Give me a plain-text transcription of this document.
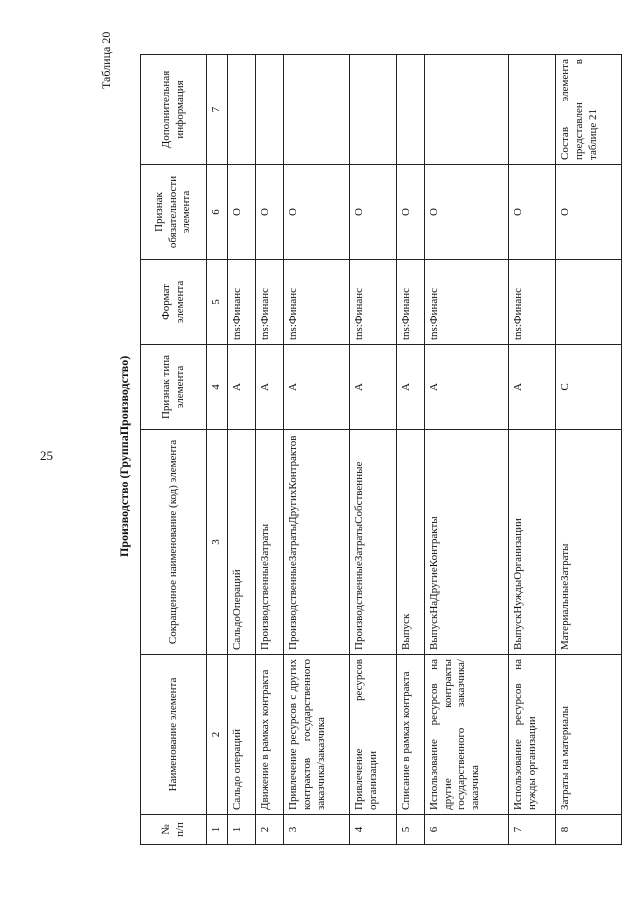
25
Таблица 20
Производство (ГруппаПроизводство)
№ п/п	Наименование элемента	Сокращенное наименование (код) элемента	Признак типа элемента	Формат элемента	Признак обязательности элемента	Дополнительная информация
1	2	3	4	5	6	7
1	Сальдо операций	СальдоОпераций	А	tns:Финанс	О	
2	Движение в рамках контракта	ПроизводственныеЗатраты	А	tns:Финанс	О	
3	Привлечение ресурсов с других контрактов государственного заказчика/заказчика	ПроизводственныеЗатратыДругихКонтрактов	А	tns:Финанс	О	
4	Привлечение ресурсов организации	ПроизводственныеЗатратыСобственные	А	tns:Финанс	О	
5	Списание в рамках контракта	Выпуск	А	tns:Финанс	О	
6	Использование ресурсов на другие контракты государственного заказчика/заказчика	ВыпускНаДругиеКонтракты	А	tns:Финанс	О	
7	Использование ресурсов на нужды организации	ВыпускНуждыОрганизации	А	tns:Финанс	О	
8	Затраты на материалы	МатериальныеЗатраты	С		О	Состав элемента представлен в таблице 21
